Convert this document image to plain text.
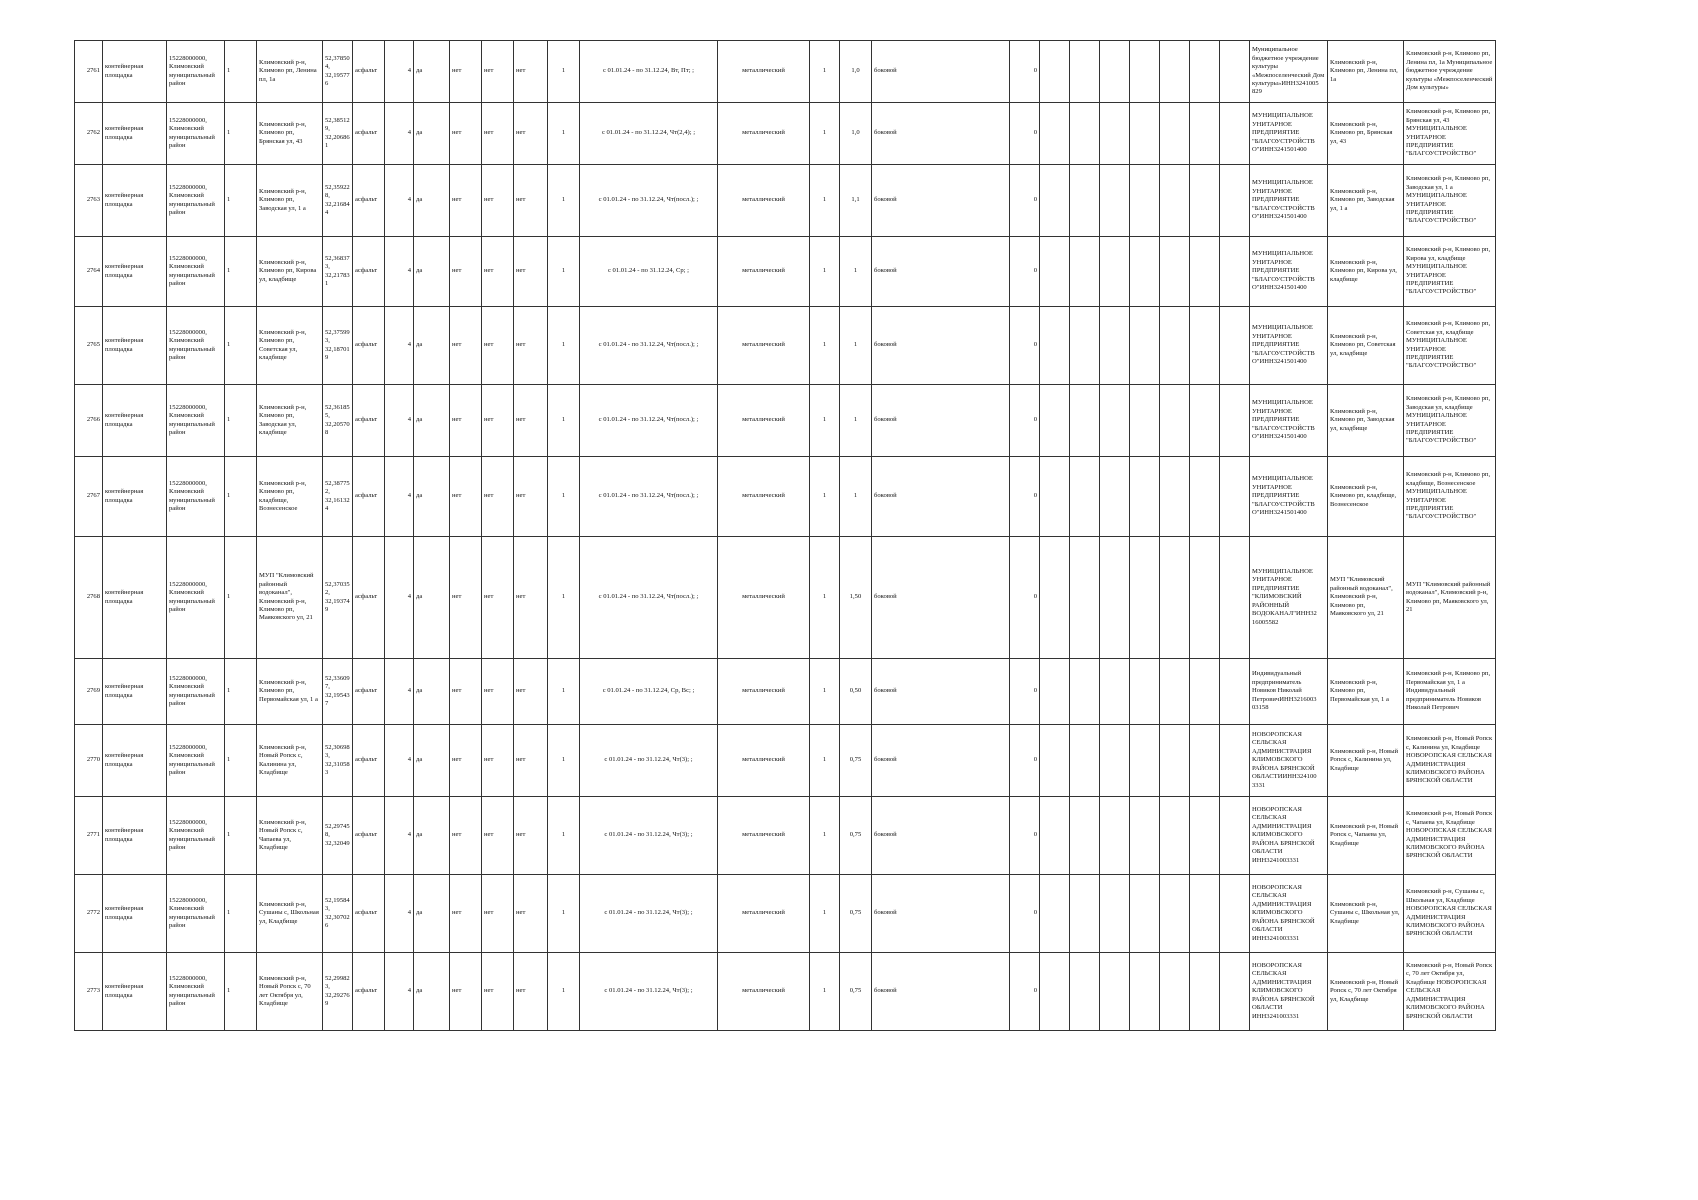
2761	контейнерная площадка	15228000000, Климовский муниципальный район	1	Климовский р-н, Климово рп, Ленина пл, 1а	52,37850 4, 32,19577 6	асфальт	4	да	нет	нет	нет	1	с 01.01.24 - по 31.12.24, Вт, Пт; ;	металлический	1	1,0	боковой	0								Муниципальное бюджетное учреждение культуры «Межпоселенческий Дом культуры»ИНН3241005 829	Климовский р-н, Климово рп, Ленина пл, 1а	Климовский р-н, Климово рп, Ленина пл, 1а Муниципальное бюджетное учреждение культуры «Межпоселенческий Дом культуры»

2762	контейнерная площадка	15228000000, Климовский муниципальный район	1	Климовский р-н, Климово рп, Брянская ул, 43	52,38512 9, 32,20686 1	асфальт	4	да	нет	нет	нет	1	с 01.01.24 - по 31.12.24, Чт(2,4); ;	металлический	1	1,0	боковой	0								МУНИЦИПАЛЬНОЕ УНИТАРНОЕ ПРЕДПРИЯТИЕ "БЛАГОУСТРОЙСТВ О"ИНН3241501400	Климовский р-н, Климово рп, Брянская ул, 43	Климовский р-н, Климово рп, Брянская ул, 43 МУНИЦИПАЛЬНОЕ УНИТАРНОЕ ПРЕДПРИЯТИЕ "БЛАГОУСТРОЙСТВО"

2763	контейнерная площадка	15228000000, Климовский муниципальный район	1	Климовский р-н, Климово рп, Заводская ул, 1 а	52,35922 8, 32,21684 4	асфальт	4	да	нет	нет	нет	1	с 01.01.24 - по 31.12.24, Чт(посл.); ;	металлический	1	1,1	боковой	0								МУНИЦИПАЛЬНОЕ УНИТАРНОЕ ПРЕДПРИЯТИЕ "БЛАГОУСТРОЙСТВ О"ИНН3241501400	Климовский р-н, Климово рп, Заводская ул, 1 а	Климовский р-н, Климово рп, Заводская ул, 1 а МУНИЦИПАЛЬНОЕ УНИТАРНОЕ ПРЕДПРИЯТИЕ "БЛАГОУСТРОЙСТВО"

2764	контейнерная площадка	15228000000, Климовский муниципальный район	1	Климовский р-н, Климово рп, Кирова ул, кладбище	52,36837 3, 32,21783 1	асфальт	4	да	нет	нет	нет	1	с 01.01.24 - по 31.12.24, Ср; ;	металлический	1	1	боковой	0								МУНИЦИПАЛЬНОЕ УНИТАРНОЕ ПРЕДПРИЯТИЕ "БЛАГОУСТРОЙСТВ О"ИНН3241501400	Климовский р-н, Климово рп, Кирова ул, кладбище	Климовский р-н, Климово рп, Кирова ул, кладбище МУНИЦИПАЛЬНОЕ УНИТАРНОЕ ПРЕДПРИЯТИЕ "БЛАГОУСТРОЙСТВО"

2765	контейнерная площадка	15228000000, Климовский муниципальный район	1	Климовский р-н, Климово рп, Советская ул, кладбище	52,37599 3, 32,18701 9	асфальт	4	да	нет	нет	нет	1	с 01.01.24 - по 31.12.24, Чт(посл.); ;	металлический	1	1	боковой	0								МУНИЦИПАЛЬНОЕ УНИТАРНОЕ ПРЕДПРИЯТИЕ "БЛАГОУСТРОЙСТВ О"ИНН3241501400	Климовский р-н, Климово рп, Советская ул, кладбище	Климовский р-н, Климово рп, Советская ул, кладбище МУНИЦИПАЛЬНОЕ УНИТАРНОЕ ПРЕДПРИЯТИЕ "БЛАГОУСТРОЙСТВО"

2766	контейнерная площадка	15228000000, Климовский муниципальный район	1	Климовский р-н, Климово рп, Заводская ул, кладбище	52,36185 5, 32,20570 8	асфальт	4	да	нет	нет	нет	1	с 01.01.24 - по 31.12.24, Чт(посл.); ;	металлический	1	1	боковой	0								МУНИЦИПАЛЬНОЕ УНИТАРНОЕ ПРЕДПРИЯТИЕ "БЛАГОУСТРОЙСТВ О"ИНН3241501400	Климовский р-н, Климово рп, Заводская ул, кладбище	Климовский р-н, Климово рп, Заводская ул, кладбище МУНИЦИПАЛЬНОЕ УНИТАРНОЕ ПРЕДПРИЯТИЕ "БЛАГОУСТРОЙСТВО"

2767	контейнерная площадка	15228000000, Климовский муниципальный район	1	Климовский р-н, Климово рп, кладбище, Вознесенское	52,38775 2, 32,16132 4	асфальт	4	да	нет	нет	нет	1	с 01.01.24 - по 31.12.24, Чт(посл.); ;	металлический	1	1	боковой	0								МУНИЦИПАЛЬНОЕ УНИТАРНОЕ ПРЕДПРИЯТИЕ "БЛАГОУСТРОЙСТВ О"ИНН3241501400	Климовский р-н, Климово рп, кладбище, Вознесенское	Климовский р-н, Климово рп, кладбище, Вознесенское МУНИЦИПАЛЬНОЕ УНИТАРНОЕ ПРЕДПРИЯТИЕ "БЛАГОУСТРОЙСТВО"

2768	контейнерная площадка	15228000000, Климовский муниципальный район	1	МУП "Климовский районный водоканал", Климовский р-н, Климово рп, Маяковского ул, 21	52,37035 2, 32,19374 9	асфальт	4	да	нет	нет	нет	1	с 01.01.24 - по 31.12.24, Чт(посл.); ;	металлический	1	1,50	боковой	0								МУНИЦИПАЛЬНОЕ УНИТАРНОЕ ПРЕДПРИЯТИЕ "КЛИМОВСКИЙ РАЙОННЫЙ ВОДОКАНАЛ"ИНН32 16005582	МУП "Климовский районный водоканал", Климовский р-н, Климово рп, Маяковского ул, 21	МУП "Климовский районный водоканал", Климовский р-н, Климово рп, Маяковского ул, 21

2769	контейнерная площадка	15228000000, Климовский муниципальный район	1	Климовский р-н, Климово рп, Первомайская ул, 1 а	52,33609 7, 32,19543 7	асфальт	4	да	нет	нет	нет	1	с 01.01.24 - по 31.12.24, Ср, Вс; ;	металлический	1	0,50	боковой	0								Индивидуальный предприниматель Новиков Николай ПетровичИНН3216003 03158	Климовский р-н, Климово рп, Первомайская ул, 1 а	Климовский р-н, Климово рп, Первомайская ул, 1 а Индивидуальный предприниматель Новиков Николай Петрович

2770	контейнерная площадка	15228000000, Климовский муниципальный район	1	Климовский р-н, Новый Ропск с, Калинина ул, Кладбище	52,30698 3, 32,31058 3	асфальт	4	да	нет	нет	нет	1	с 01.01.24 - по 31.12.24, Чт(3); ;	металлический	1	0,75	боковой	0								НОВОРОПСКАЯ СЕЛЬСКАЯ АДМИНИСТРАЦИЯ КЛИМОВСКОГО РАЙОНА БРЯНСКОЙ ОБЛАСТИИНН324100 3331	Климовский р-н, Новый Ропск с, Калинина ул, Кладбище	Климовский р-н, Новый Ропск с, Калинина ул, Кладбище НОВОРОПСКАЯ СЕЛЬСКАЯ АДМИНИСТРАЦИЯ КЛИМОВСКОГО РАЙОНА БРЯНСКОЙ ОБЛАСТИ

2771	контейнерная площадка	15228000000, Климовский муниципальный район	1	Климовский р-н, Новый Ропск с, Чапаева ул, Кладбище	52,29745 8, 32,32049	асфальт	4	да	нет	нет	нет	1	с 01.01.24 - по 31.12.24, Чт(3); ;	металлический	1	0,75	боковой	0								НОВОРОПСКАЯ СЕЛЬСКАЯ АДМИНИСТРАЦИЯ КЛИМОВСКОГО РАЙОНА БРЯНСКОЙ ОБЛАСТИ ИНН3241003331	Климовский р-н, Новый Ропск с, Чапаева ул, Кладбище	Климовский р-н, Новый Ропск с, Чапаева ул, Кладбище НОВОРОПСКАЯ СЕЛЬСКАЯ АДМИНИСТРАЦИЯ КЛИМОВСКОГО РАЙОНА БРЯНСКОЙ ОБЛАСТИ

2772	контейнерная площадка	15228000000, Климовский муниципальный район	1	Климовский р-н, Сушаны с, Школьная ул, Кладбище	52,19584 3, 32,30702 6	асфальт	4	да	нет	нет	нет	1	с 01.01.24 - по 31.12.24, Чт(3); ;	металлический	1	0,75	боковой	0								НОВОРОПСКАЯ СЕЛЬСКАЯ АДМИНИСТРАЦИЯ КЛИМОВСКОГО РАЙОНА БРЯНСКОЙ ОБЛАСТИ ИНН3241003331	Климовский р-н, Сушаны с, Школьная ул, Кладбище	Климовский р-н, Сушаны с, Школьная ул, Кладбище НОВОРОПСКАЯ СЕЛЬСКАЯ АДМИНИСТРАЦИЯ КЛИМОВСКОГО РАЙОНА БРЯНСКОЙ ОБЛАСТИ

2773	контейнерная площадка	15228000000, Климовский муниципальный район	1	Климовский р-н, Новый Ропск с, 70 лет Октября ул, Кладбище	52,29982 3, 32,29276 9	асфальт	4	да	нет	нет	нет	1	с 01.01.24 - по 31.12.24, Чт(3); ;	металлический	1	0,75	боковой	0								НОВОРОПСКАЯ СЕЛЬСКАЯ АДМИНИСТРАЦИЯ КЛИМОВСКОГО РАЙОНА БРЯНСКОЙ ОБЛАСТИ ИНН3241003331	Климовский р-н, Новый Ропск с, 70 лет Октября ул, Кладбище	Климовский р-н, Новый Ропск с, 70 лет Октября ул, Кладбище НОВОРОПСКАЯ СЕЛЬСКАЯ АДМИНИСТРАЦИЯ КЛИМОВСКОГО РАЙОНА БРЯНСКОЙ ОБЛАСТИ
